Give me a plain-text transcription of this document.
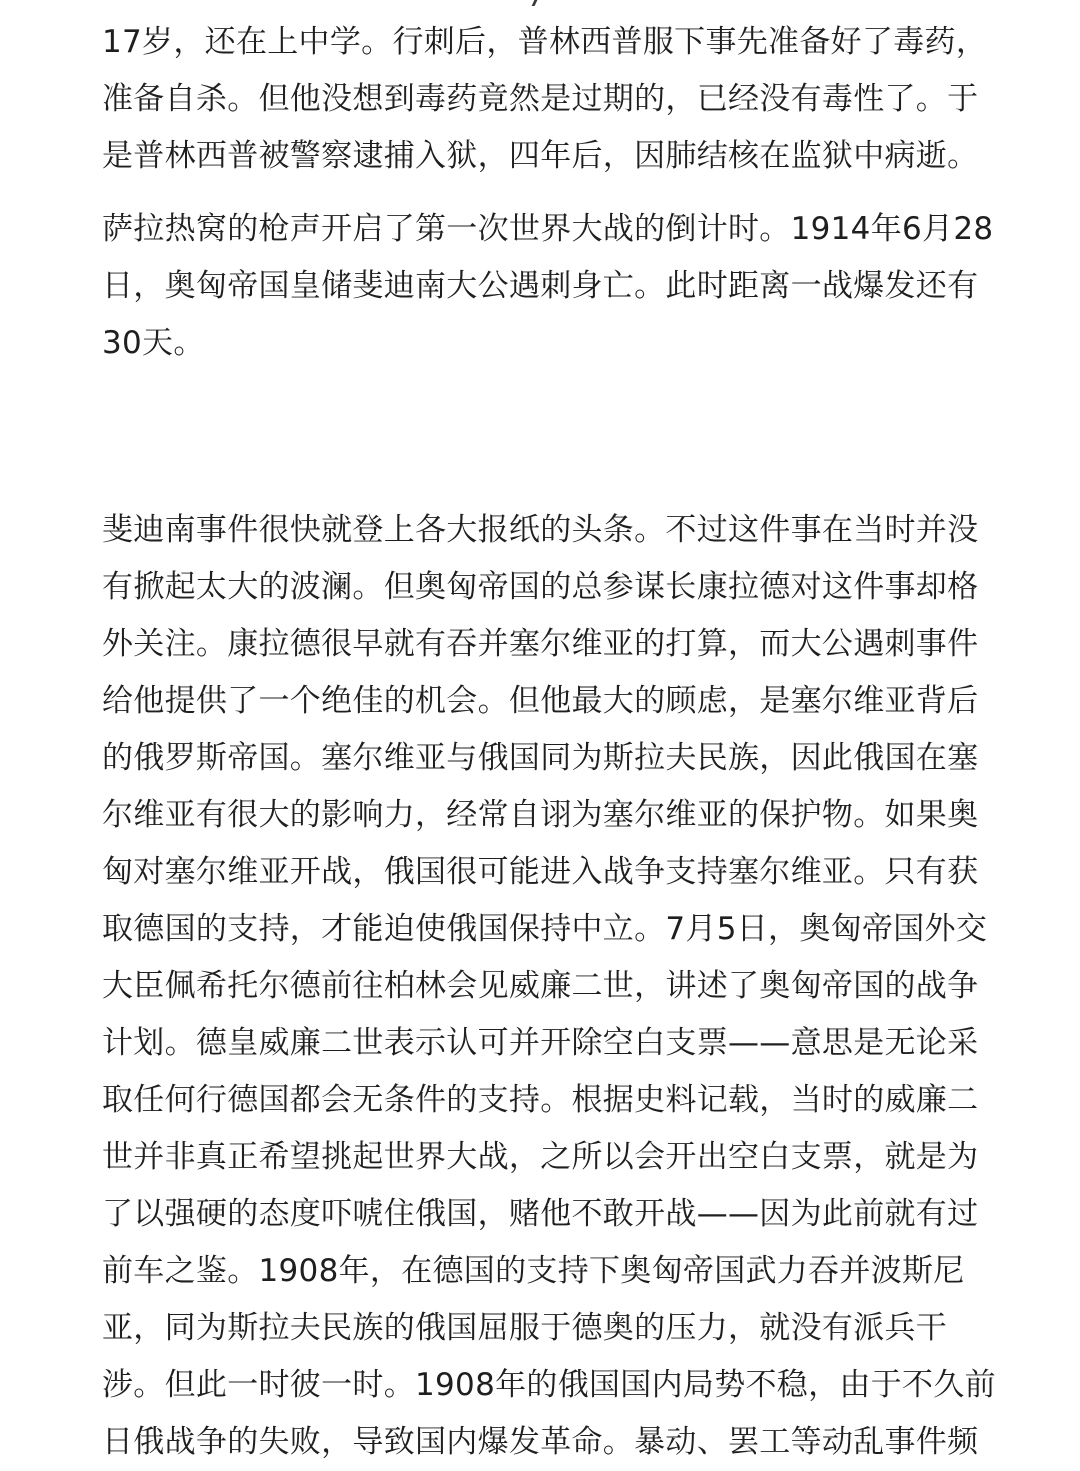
17岁，还在上中学。行刺后，普林西普服下事先准备好了毒药，
准备自杀。但他没想到毒药竟然是过期的，已经没有毒性了。于
是普林西普被警察逮捕入狱，四年后，因肺结核在监狱中病逝。
萨拉热窝的枪声开启了第一次世界大战的倒计时。1914年6月28
日，奥匈帝国皇储斐迪南大公遇刺身亡。此时距离一战爆发还有
30天。
斐迪南事件很快就登上各大报纸的头条。不过这件事在当时并没
有掀起太大的波澜。但奥匈帝国的总参谋长康拉德对这件事却格
外关注。康拉德很早就有吞并塞尔维亚的打算，而大公遇刺事件
给他提供了一个绝佳的机会。但他最大的顾虑，是塞尔维亚背后
的俄罗斯帝国。塞尔维亚与俄国同为斯拉夫民族，因此俄国在塞
尔维亚有很大的影响力，经常自诩为塞尔维亚的保护物。如果奥
匈对塞尔维亚开战，俄国很可能进入战争支持塞尔维亚。只有获
取德国的支持，才能迫使俄国保持中立。7月5日，奥匈帝国外交
大臣佩希托尔德前往柏林会见威廉二世，讲述了奥匈帝国的战争
计划。德皇威廉二世表示认可并开除空白支票——意思是无论采
取任何行德国都会无条件的支持。根据史料记载，当时的威廉二
世并非真正希望挑起世界大战，之所以会开出空白支票，就是为
了以强硬的态度吓唬住俄国，赌他不敢开战——因为此前就有过
前车之鉴。1908年，在德国的支持下奥匈帝国武力吞并波斯尼
亚，同为斯拉夫民族的俄国屈服于德奥的压力，就没有派兵干
涉。但此一时彼一时。1908年的俄国国内局势不稳，由于不久前
日俄战争的失败，导致国内爆发革命。暴动、罢工等动乱事件频
